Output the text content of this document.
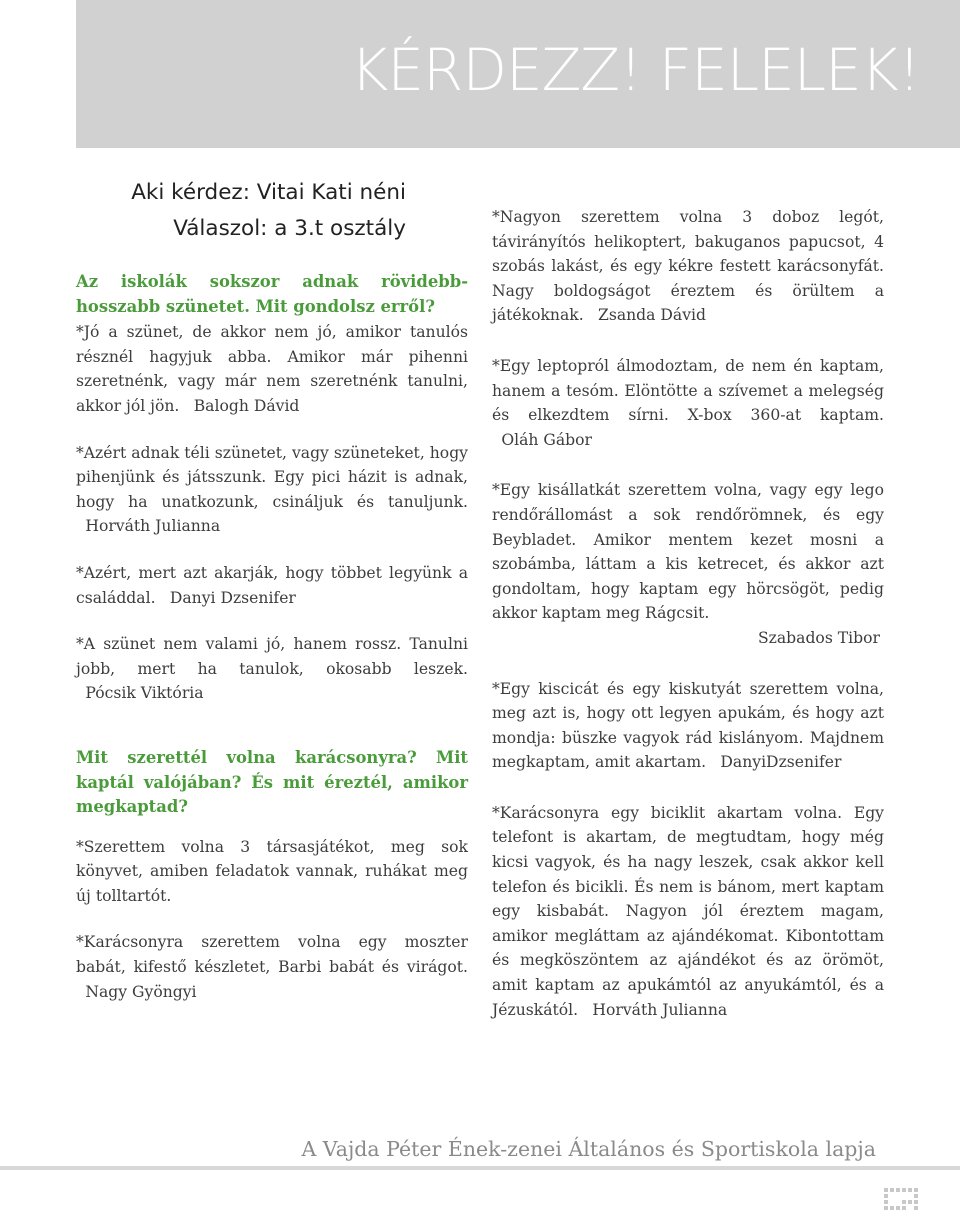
KÉRDEZZ! FELELEK!
Aki kérdez: Vitai Kati néni
Válaszol: a 3.t osztály

Az iskolák sokszor adnak rövidebb-hosszabb szünetet. Mit gondolsz erről?

*Jó a szünet, de akkor nem jó, amikor tanulós résznél hagyjuk abba. Amikor már pihenni szeretnénk, vagy már nem szeretnénk tanulni, akkor jól jön. Balogh Dávid

*Azért adnak téli szünetet, vagy szüneteket, hogy pihenjünk és játsszunk. Egy pici házit is adnak, hogy ha unatkozunk, csináljuk és tanuljunk. Horváth Julianna

*Azért, mert azt akarják, hogy többet legyünk a családdal. Danyi Dzsenifer

*A szünet nem valami jó, hanem rossz. Tanulni jobb, mert ha tanulok, okosabb leszek. Pócsik Viktória

Mit szerettél volna karácsonyra? Mit kaptál valójában? És mit éreztél, amikor megkaptad?

*Szerettem volna 3 társasjátékot, meg sok könyvet, amiben feladatok vannak, ruhákat meg új tolltartót.

*Karácsonyra szerettem volna egy moszter babát, kifestő készletet, Barbi babát és virágot. Nagy Gyöngyi

*Nagyon szerettem volna 3 doboz legót, távirányítós helikoptert, bakuganos papucsot, 4 szobás lakást, és egy kékre festett karácsonyfát. Nagy boldogságot éreztem és örültem a játékoknak. Zsanda Dávid

*Egy leptopról álmodoztam, de nem én kaptam, hanem a tesóm. Elöntötte a szívemet a melegség és elkezdtem sírni. X-box 360-at kaptam. Oláh Gábor

*Egy kisállatkát szerettem volna, vagy egy lego rendőrállomást a sok rendőrömnek, és egy Beybladet. Amikor mentem kezet mosni a szobámba, láttam a kis ketrecet, és akkor azt gondoltam, hogy kaptam egy hörcsögöt, pedig akkor kaptam meg Rágcsit.
Szabados Tibor

*Egy kiscicát és egy kiskutyát szerettem volna, meg azt is, hogy ott legyen apukám, és hogy azt mondja: büszke vagyok rád kislányom. Majdnem megkaptam, amit akartam. DanyiDzsenifer

*Karácsonyra egy biciklit akartam volna. Egy telefont is akartam, de megtudtam, hogy még kicsi vagyok, és ha nagy leszek, csak akkor kell telefon és bicikli. És nem is bánom, mert kaptam egy kisbabát. Nagyon jól éreztem magam, amikor megláttam az ajándékomat. Kibontottam és megköszöntem az ajándékot és az örömöt, amit kaptam az apukámtól az anyukámtól, és a Jézuskától. Horváth Julianna

A Vajda Péter Ének-zenei Általános és Sportiskola lapja
